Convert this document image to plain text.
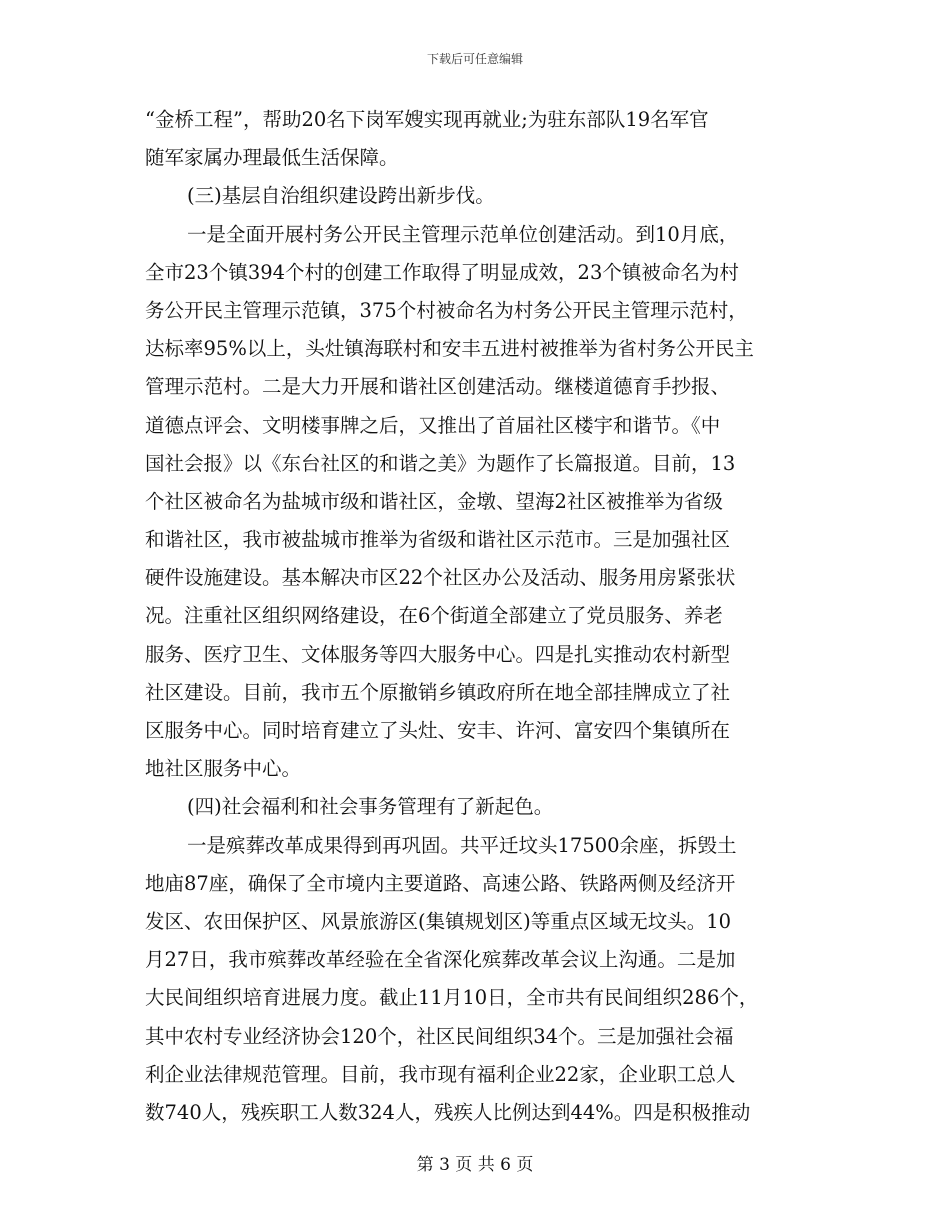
下载后可任意编辑
“金桥工程”，帮助20名下岗军嫂实现再就业;为驻东部队19名军官
随军家属办理最低生活保障。
(三)基层自治组织建设跨出新步伐。
一是全面开展村务公开民主管理示范单位创建活动。到10月底，
全市23个镇394个村的创建工作取得了明显成效，23个镇被命名为村
务公开民主管理示范镇，375个村被命名为村务公开民主管理示范村，
达标率95%以上，头灶镇海联村和安丰五进村被推举为省村务公开民主
管理示范村。二是大力开展和谐社区创建活动。继楼道德育手抄报、
道德点评会、文明楼事牌之后，又推出了首届社区楼宇和谐节。《中
国社会报》以《东台社区的和谐之美》为题作了长篇报道。目前，13
个社区被命名为盐城市级和谐社区，金墩、望海2社区被推举为省级
和谐社区，我市被盐城市推举为省级和谐社区示范市。三是加强社区
硬件设施建设。基本解决市区22个社区办公及活动、服务用房紧张状
况。注重社区组织网络建设，在6个街道全部建立了党员服务、养老
服务、医疗卫生、文体服务等四大服务中心。四是扎实推动农村新型
社区建设。目前，我市五个原撤销乡镇政府所在地全部挂牌成立了社
区服务中心。同时培育建立了头灶、安丰、许河、富安四个集镇所在
地社区服务中心。
(四)社会福利和社会事务管理有了新起色。
一是殡葬改革成果得到再巩固。共平迁坟头17500余座，拆毁土
地庙87座，确保了全市境内主要道路、高速公路、铁路两侧及经济开
发区、农田保护区、风景旅游区(集镇规划区)等重点区域无坟头。10
月27日，我市殡葬改革经验在全省深化殡葬改革会议上沟通。二是加
大民间组织培育进展力度。截止11月10日，全市共有民间组织286个，
其中农村专业经济协会120个，社区民间组织34个。三是加强社会福
利企业法律规范管理。目前，我市现有福利企业22家，企业职工总人
数740人，残疾职工人数324人，残疾人比例达到44%。四是积极推动
第 3 页 共 6 页
